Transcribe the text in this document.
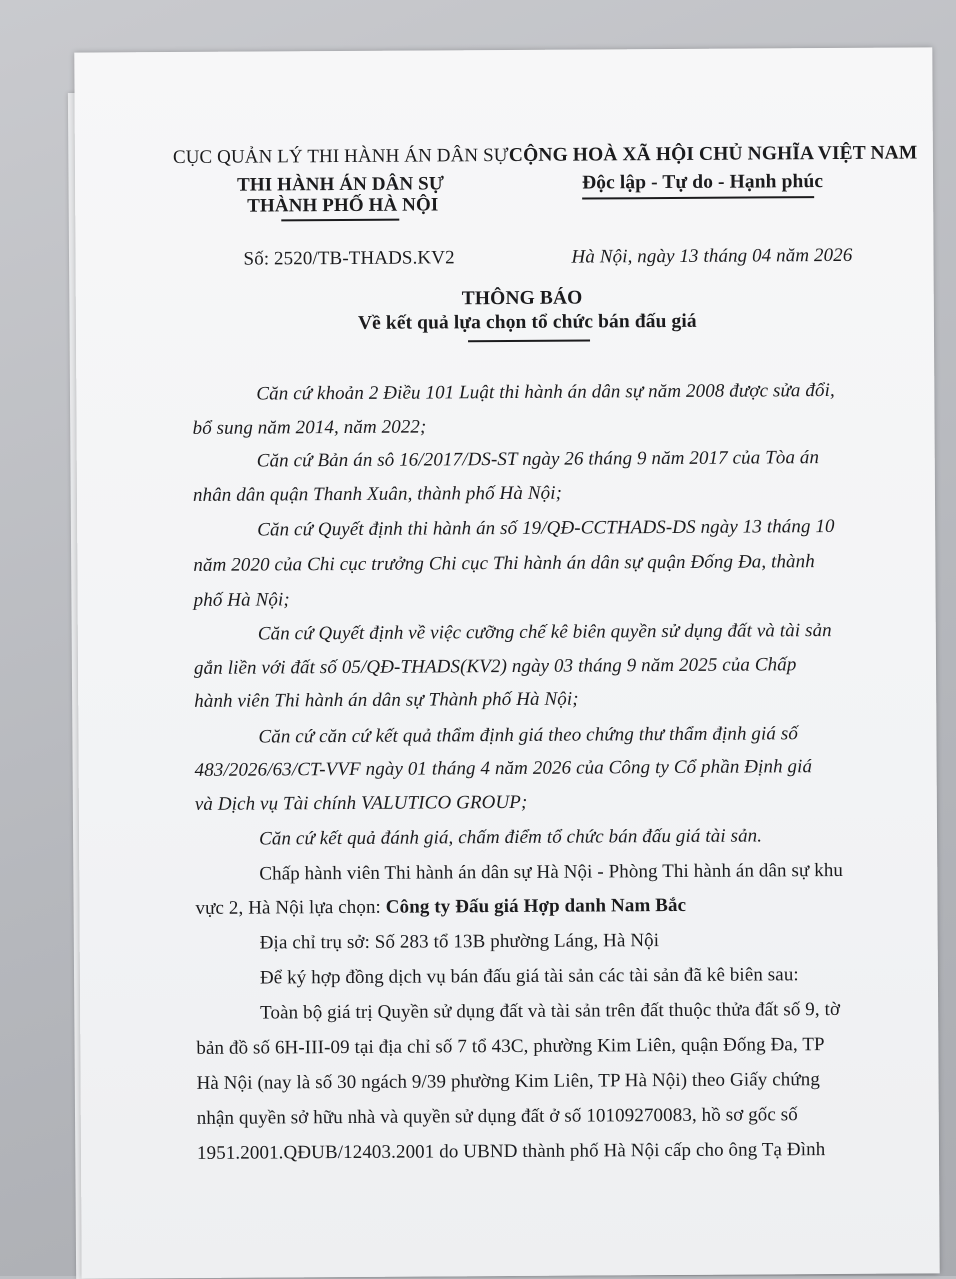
CỤC QUẢN LÝ THI HÀNH ÁN DÂN SỰ
THI HÀNH ÁN DÂN SỰ
THÀNH PHỐ HÀ NỘI
CỘNG HOÀ XÃ HỘI CHỦ NGHĨA VIỆT NAM
Độc lập - Tự do - Hạnh phúc
Số: 2520/TB-THADS.KV2	Hà Nội, ngày 13 tháng 04 năm 2026
THÔNG BÁO
Về kết quả lựa chọn tổ chức bán đấu giá
Căn cứ khoản 2 Điều 101 Luật thi hành án dân sự năm 2008 được sửa đổi,
bổ sung năm 2014, năm 2022;
Căn cứ Bản án sô 16/2017/DS-ST ngày 26 tháng 9 năm 2017 của Tòa án
nhân dân quận Thanh Xuân, thành phố Hà Nội;
Căn cứ Quyết định thi hành án số 19/QĐ-CCTHADS-DS ngày 13 tháng 10
năm 2020 của Chi cục trưởng Chi cục Thi hành án dân sự quận Đống Đa, thành
phố Hà Nội;
Căn cứ Quyết định về việc cưỡng chế kê biên quyền sử dụng đất và tài sản
gắn liền với đất số 05/QĐ-THADS(KV2) ngày 03 tháng 9 năm 2025 của Chấp
hành viên Thi hành án dân sự Thành phố Hà Nội;
Căn cứ căn cứ kết quả thẩm định giá theo chứng thư thẩm định giá số
483/2026/63/CT-VVF ngày 01 tháng 4 năm 2026 của Công ty Cổ phần Định giá
và Dịch vụ Tài chính VALUTICO GROUP;
Căn cứ kết quả đánh giá, chấm điểm tổ chức bán đấu giá tài sản.
Chấp hành viên Thi hành án dân sự Hà Nội - Phòng Thi hành án dân sự khu
vực 2, Hà Nội lựa chọn: Công ty Đấu giá Hợp danh Nam Bắc
Địa chỉ trụ sở: Số 283 tổ 13B phường Láng, Hà Nội
Để ký hợp đồng dịch vụ bán đấu giá tài sản các tài sản đã kê biên sau:
Toàn bộ giá trị Quyền sử dụng đất và tài sản trên đất thuộc thửa đất số 9, tờ
bản đồ số 6H-III-09 tại địa chỉ số 7 tổ 43C, phường Kim Liên, quận Đống Đa, TP
Hà Nội (nay là số 30 ngách 9/39 phường Kim Liên, TP Hà Nội) theo Giấy chứng
nhận quyền sở hữu nhà và quyền sử dụng đất ở số 10109270083, hồ sơ gốc số
1951.2001.QĐUB/12403.2001 do UBND thành phố Hà Nội cấp cho ông Tạ Đình
